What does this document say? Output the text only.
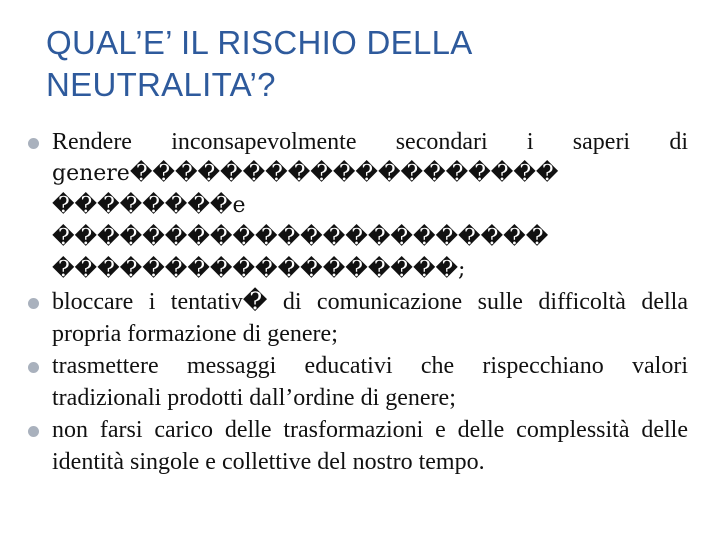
QUAL’E’ IL RISCHIO DELLA
NEUTRALITA’?
Rendere inconsapevolmente secondari i saperi di
genere�������������������
��������e
����������������������
������������������;
bloccare i tentativ� di comunicazione sulle difficoltà della propria formazione di genere;
trasmettere messaggi educativi che rispecchiano valori tradizionali prodotti dall’ordine di genere;
non farsi carico delle trasformazioni e delle complessità delle identità singole e collettive del nostro tempo.
